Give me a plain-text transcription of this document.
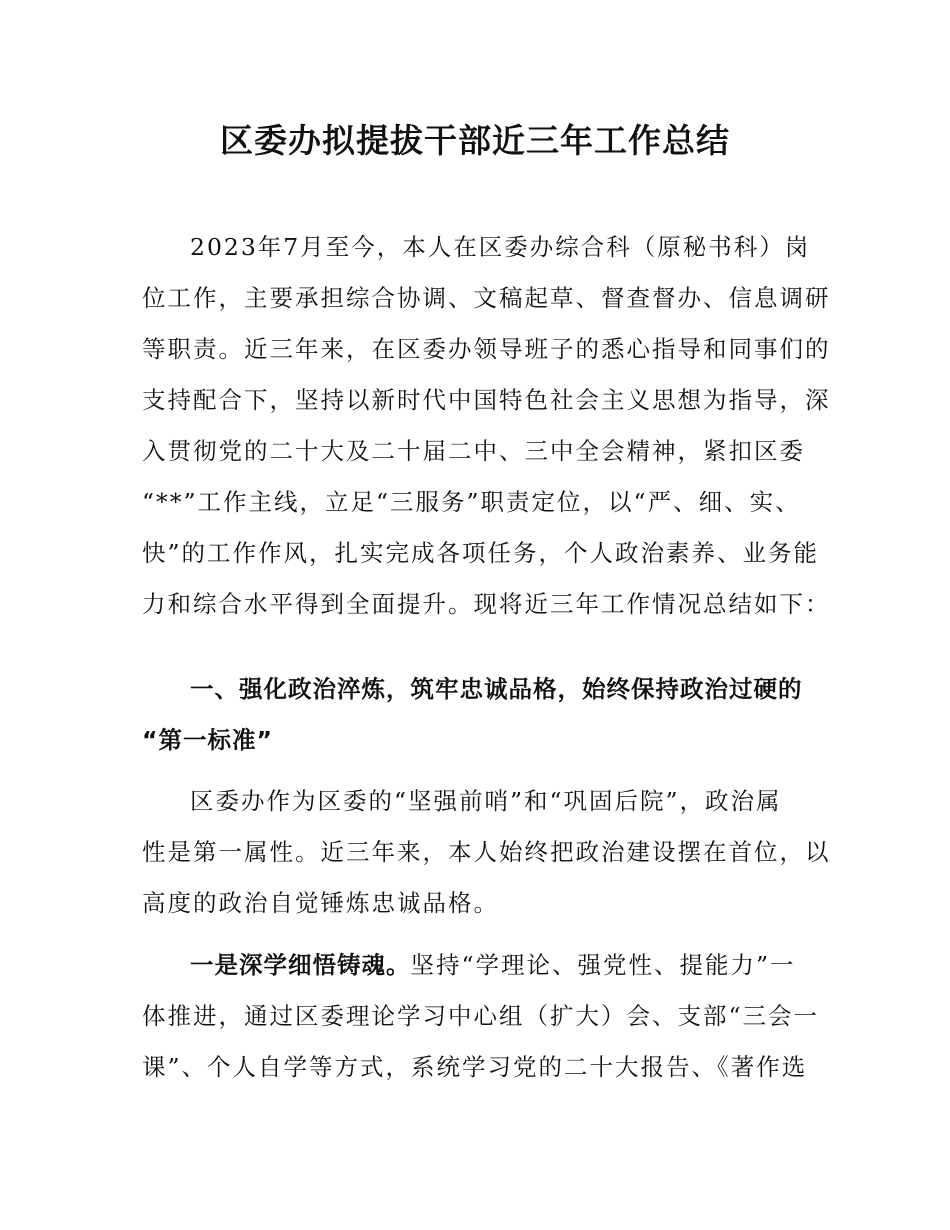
区委办拟提拔干部近三年工作总结
2023年7月至今，本人在区委办综合科（原秘书科）岗
位工作，主要承担综合协调、文稿起草、督查督办、信息调研
等职责。近三年来，在区委办领导班子的悉心指导和同事们的
支持配合下，坚持以新时代中国特色社会主义思想为指导，深
入贯彻党的二十大及二十届二中、三中全会精神，紧扣区委
“**”工作主线，立足“三服务”职责定位，以“严、细、实、
快”的工作作风，扎实完成各项任务，个人政治素养、业务能
力和综合水平得到全面提升。现将近三年工作情况总结如下：
一、强化政治淬炼，筑牢忠诚品格，始终保持政治过硬的
“第一标准”
区委办作为区委的“坚强前哨”和“巩固后院”，政治属
性是第一属性。近三年来，本人始终把政治建设摆在首位，以
高度的政治自觉锤炼忠诚品格。
一是深学细悟铸魂。坚持“学理论、强党性、提能力”一
体推进，通过区委理论学习中心组（扩大）会、支部“三会一
课”、个人自学等方式，系统学习党的二十大报告、《著作选
